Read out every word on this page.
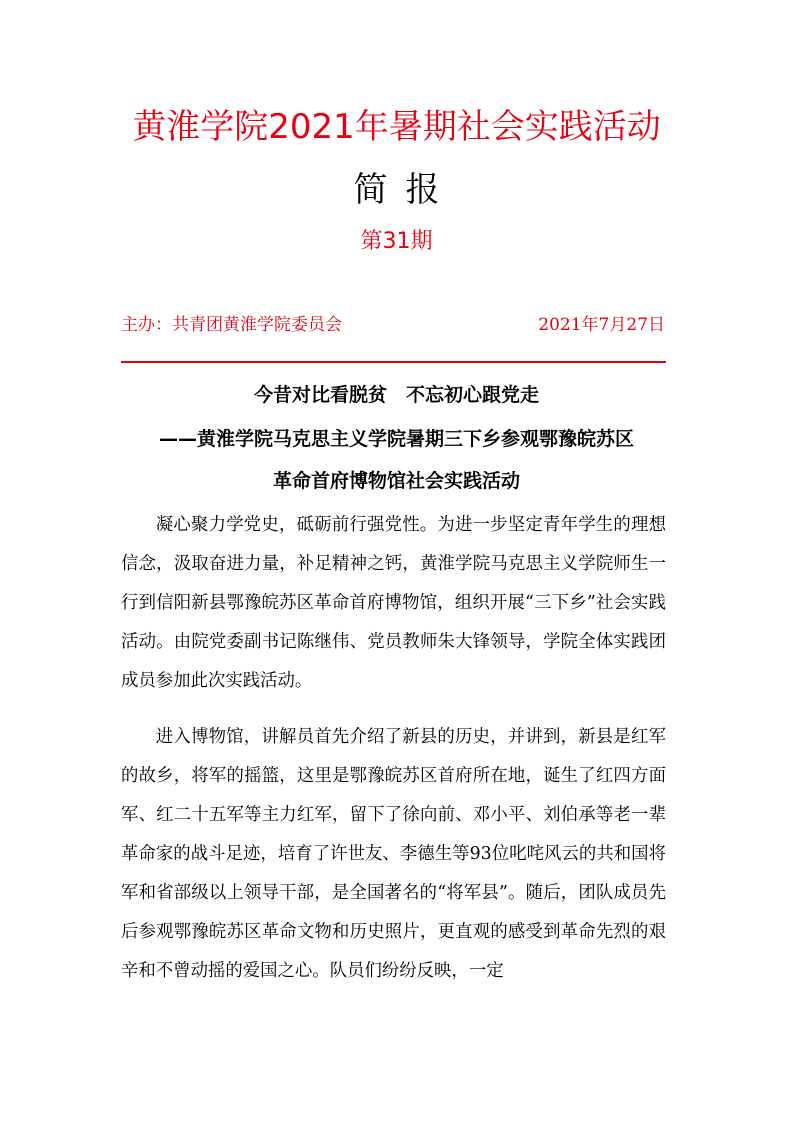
黄淮学院2021年暑期社会实践活动
简报
第31期
主办：共青团黄淮学院委员会	2021年7月27日
今昔对比看脱贫　不忘初心跟党走
——黄淮学院马克思主义学院暑期三下乡参观鄂豫皖苏区
革命首府博物馆社会实践活动

凝心聚力学党史，砥砺前行强党性。为进一步坚定青年学生的理想信念，汲取奋进力量，补足精神之钙，黄淮学院马克思主义学院师生一行到信阳新县鄂豫皖苏区革命首府博物馆，组织开展“三下乡”社会实践活动。由院党委副书记陈继伟、党员教师朱大锋领导，学院全体实践团成员参加此次实践活动。

进入博物馆，讲解员首先介绍了新县的历史，并讲到，新县是红军的故乡，将军的摇篮，这里是鄂豫皖苏区首府所在地，诞生了红四方面军、红二十五军等主力红军，留下了徐向前、邓小平、刘伯承等老一辈革命家的战斗足迹，培育了许世友、李德生等93位叱咤风云的共和国将军和省部级以上领导干部，是全国著名的“将军县”。随后，团队成员先后参观鄂豫皖苏区革命文物和历史照片，更直观的感受到革命先烈的艰辛和不曾动摇的爱国之心。队员们纷纷反映，一定
